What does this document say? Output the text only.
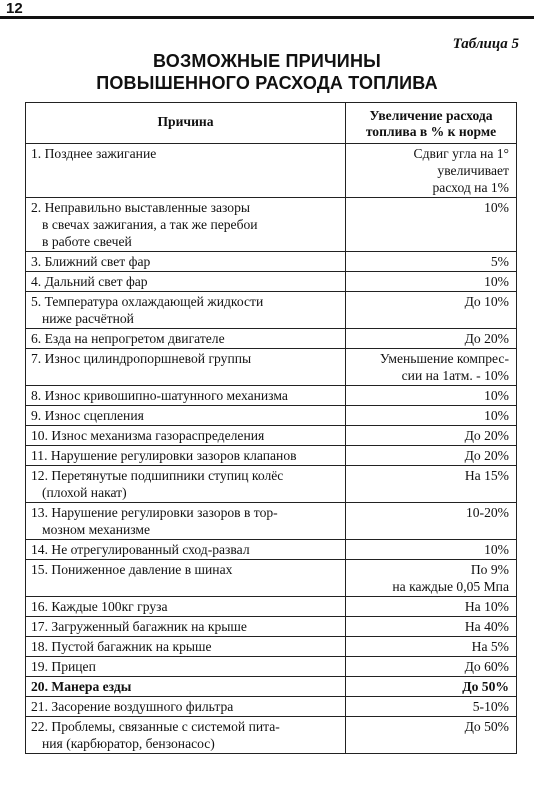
12
Таблица 5
ВОЗМОЖНЫЕ ПРИЧИНЫ
ПОВЫШЕННОГО РАСХОДА ТОПЛИВА
Причина	Увеличение расхода
топлива в % к норме

1. Позднее зажигание	Сдвиг угла на 1°
увеличивает
расход на 1%

2. Неправильно выставленные зазоры
в свечах зажигания, а так же перебои
в работе свечей	10%

3. Ближний свет фар	5%

4. Дальний свет фар	10%

5. Температура охлаждающей жидкости
ниже расчётной	До 10%

6. Езда на непрогретом двигателе	До 20%

7. Износ цилиндропоршневой группы	Уменьшение компрес-
сии на 1атм. - 10%

8. Износ кривошипно-шатунного механизма	10%

9. Износ сцепления	10%

10. Износ механизма газораспределения	До 20%

11. Нарушение регулировки зазоров клапанов	До 20%

12. Перетянутые подшипники ступиц колёс
(плохой накат)	На 15%

13. Нарушение регулировки зазоров в тор-
мозном механизме	10-20%

14. Не отрегулированный сход-развал	10%

15. Пониженное давление в шинах	По 9%
на каждые 0,05 Мпа

16. Каждые 100кг груза	На 10%

17. Загруженный багажник на крыше	На 40%

18. Пустой багажник на крыше	На 5%

19. Прицеп	До 60%

20. Манера езды	До 50%

21. Засорение воздушного фильтра	5-10%

22. Проблемы, связанные с системой пита-
ния (карбюратор, бензонасос)	До 50%
